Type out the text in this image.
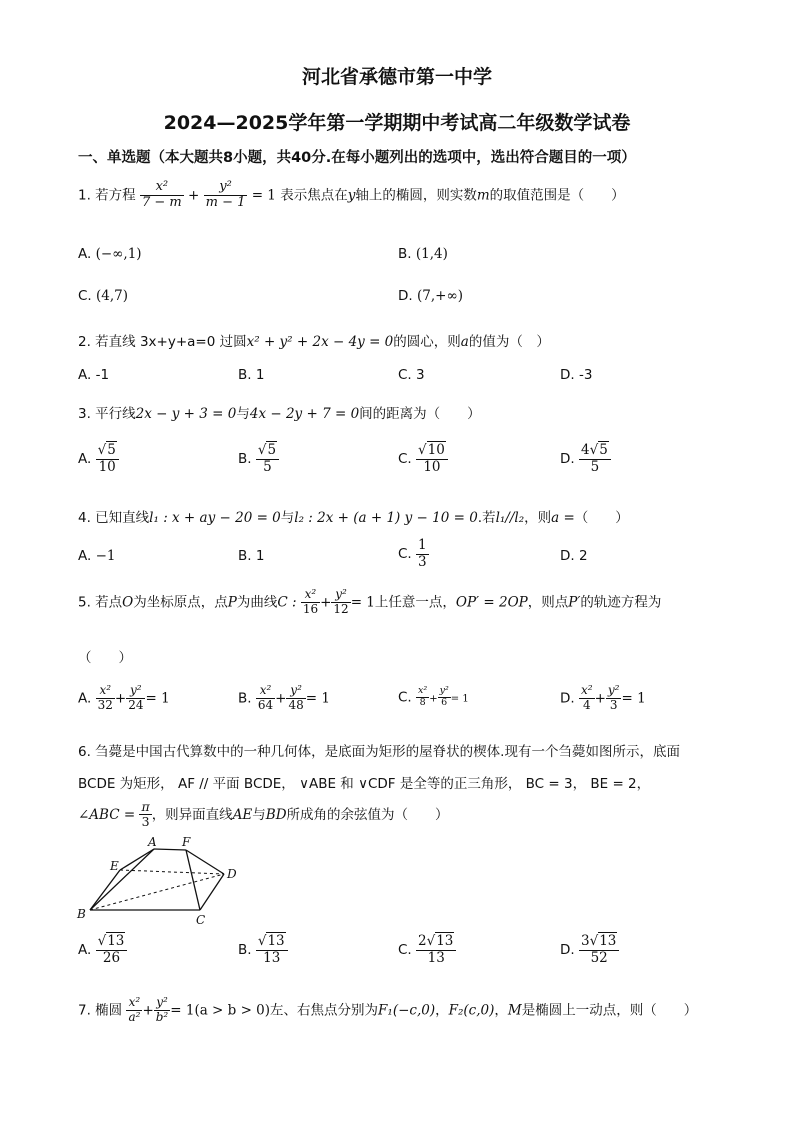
河北省承德市第一中学
2024—2025学年第一学期期中考试高二年级数学试卷
一、单选题（本大题共8小题，共40分.在每小题列出的选项中，选出符合题目的一项）
1. 若方程 $\frac{\text{x²}}{7 - m} + \frac{\text{y²}}{m - 1} = 1$ 表示焦点在y轴上的椭圆，则实数m的取值范围是（　　）
A. (−∞,1)	B. (1,4)
C. (4,7)	D. (7,+∞)
2. 若直线 3x+y+a=0 过圆x² + y² + 2x − 4y = 0的圆心，则a的值为（　）
A. -1	B. 1	C. 3	D. -3
3. 平行线2x − y + 3 = 0与4x − 2y + 7 = 0间的距离为（　　）
A. √ $\frac{5}{10}$	B. √ $\frac{5}{5}$	C. √ $\frac{10}{10}$	D. $\frac{4 √ 5}{5}$
4. 已知直线l₁ : x + ay − 20 = 0与l₂ : 2x + (a + 1) y − 10 = 0.若l₁//l₂，则a =（　　）
A. −1	B. 1	C. $\frac{1}{3}$	D. 2
5. 若点O为坐标原点，点P为曲线C : $\frac{\text{x²}}{16} + \frac{\text{y²}}{12} = 1$上任意一点，OP′ = 2OP，则点P′的轨迹方程为
（　　）
A. $\frac{\text{x²}}{32} + \frac{\text{y²}}{24} = 1$	B. $\frac{\text{x²}}{64} + \frac{\text{y²}}{48} = 1$	C. $\frac{\text{x²}}{8} + \frac{\text{y²}}{6} = 1$	D. $\frac{\text{x²}}{4} + \frac{\text{y²}}{3} = 1$
6. 刍薨是中国古代算数中的一种几何体，是底面为矩形的屋脊状的楔体.现有一个刍薨如图所示，底面
BCDE 为矩形， AF // 平面 BCDE， ∨ABE 和 ∨CDF 是全等的正三角形， BC = 3， BE = 2，
∠ABC = $\frac{\pi}{3}$ ，则异面直线AE与BD所成角的余弦值为（　　）
A F
E
D
B	C
A. √ $\frac{13}{26}$	B. √ $\frac{13}{13}$	C. $\frac{2 √ 13}{13}$	D. $\frac{3 √ 13}{52}$
7. 椭圆 $\frac{\text{x²}}{\text{a²}} + \frac{\text{y²}}{\text{b²}} = 1(a > b > 0)$左、右焦点分别为F₁(−c,0)，F₂(c,0)，M是椭圆上一动点，则（　　）
